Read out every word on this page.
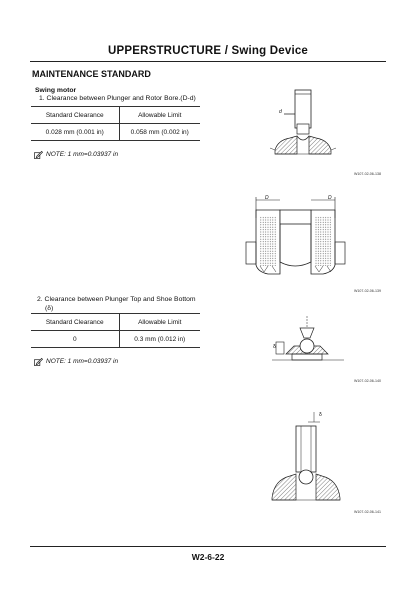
UPPERSTRUCTURE / Swing Device
MAINTENANCE STANDARD
Swing motor
1. Clearance between Plunger and Rotor Bore.(D-d)
Standard Clearance	Allowable Limit
0.028 mm (0.001 in)	0.058 mm (0.002 in)
NOTE: 1 mm=0.03937 in
2. Clearance between Plunger Top and Shoe Bottom
(δ)
Standard Clearance	Allowable Limit
0	0.3 mm (0.012 in)
NOTE: 1 mm=0.03937 in
d
W107-02-06-138
D	D
W107-02-06-139
δ
W107-02-06-140
δ
W107-02-06-141
W2-6-22
